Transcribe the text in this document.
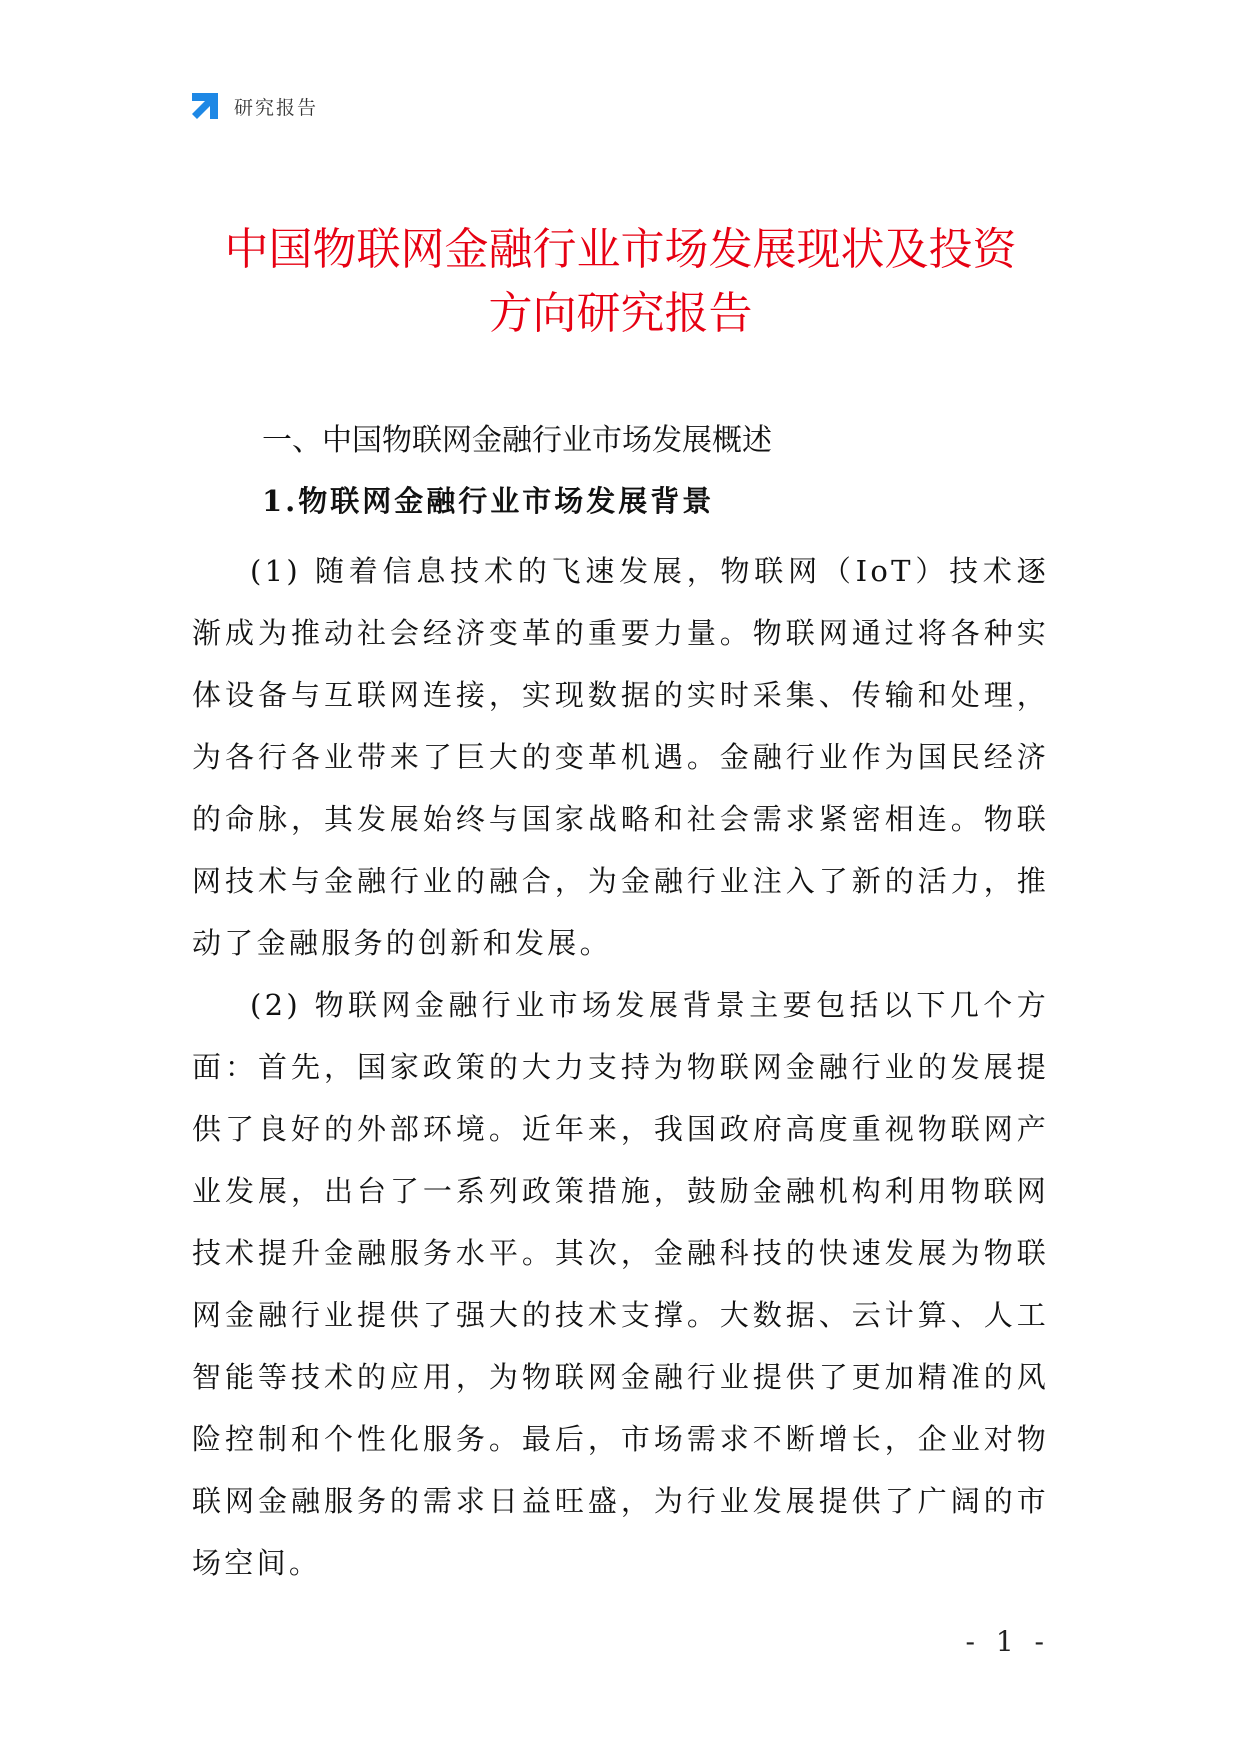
研究报告
中国物联网金融行业市场发展现状及投资
方向研究报告
一、中国物联网金融行业市场发展概述
1.物联网金融行业市场发展背景

(1) 随着信息技术的飞速发展，物联网（IoT）技术逐渐成为推动社会经济变革的重要力量。物联网通过将各种实体设备与互联网连接，实现数据的实时采集、传输和处理，为各行各业带来了巨大的变革机遇。金融行业作为国民经济的命脉，其发展始终与国家战略和社会需求紧密相连。物联网技术与金融行业的融合，为金融行业注入了新的活力，推动了金融服务的创新和发展。

(2) 物联网金融行业市场发展背景主要包括以下几个方面：首先，国家政策的大力支持为物联网金融行业的发展提供了良好的外部环境。近年来，我国政府高度重视物联网产业发展，出台了一系列政策措施，鼓励金融机构利用物联网技术提升金融服务水平。其次，金融科技的快速发展为物联网金融行业提供了强大的技术支撑。大数据、云计算、人工智能等技术的应用，为物联网金融行业提供了更加精准的风险控制和个性化服务。最后，市场需求不断增长，企业对物联网金融服务的需求日益旺盛，为行业发展提供了广阔的市场空间。

- 1 -
